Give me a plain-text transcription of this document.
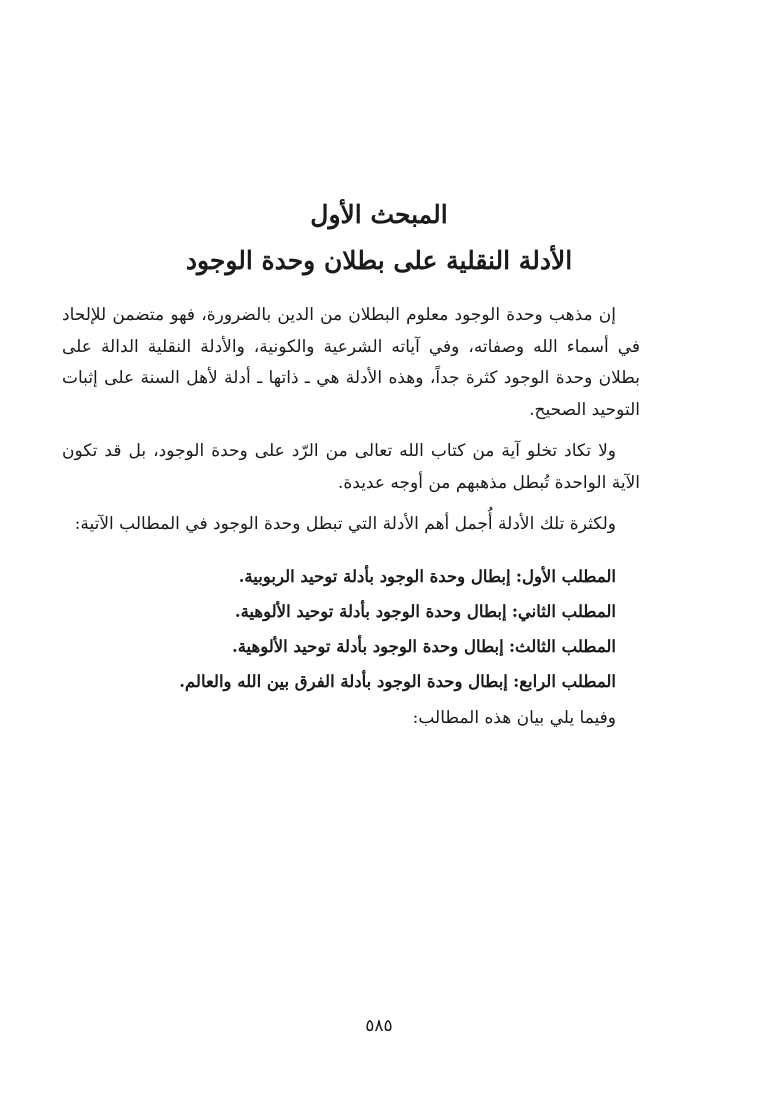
المبحث الأول
الأدلة النقلية على بطلان وحدة الوجود

إن مذهب وحدة الوجود معلوم البطلان من الدين بالضرورة، فهو متضمن للإلحاد في أسماء الله وصفاته، وفي آياته الشرعية والكونية، والأدلة النقلية الدالة على بطلان وحدة الوجود كثرة جداً، وهذه الأدلة هي ـ ذاتها ـ أدلة لأهل السنة على إثبات التوحيد الصحيح.

ولا تكاد تخلو آية من كتاب الله تعالى من الرّد على وحدة الوجود، بل قد تكون الآية الواحدة تُبطل مذهبهم من أوجه عديدة.

ولكثرة تلك الأدلة أُجمل أهم الأدلة التي تبطل وحدة الوجود في المطالب الآتية:

المطلب الأول: إبطال وحدة الوجود بأدلة توحيد الربوبية.
المطلب الثاني: إبطال وحدة الوجود بأدلة توحيد الألوهية.
المطلب الثالث: إبطال وحدة الوجود بأدلة توحيد الألوهية.
المطلب الرابع: إبطال وحدة الوجود بأدلة الفرق بين الله والعالم.

وفيما يلي بيان هذه المطالب:

٥٨٥
